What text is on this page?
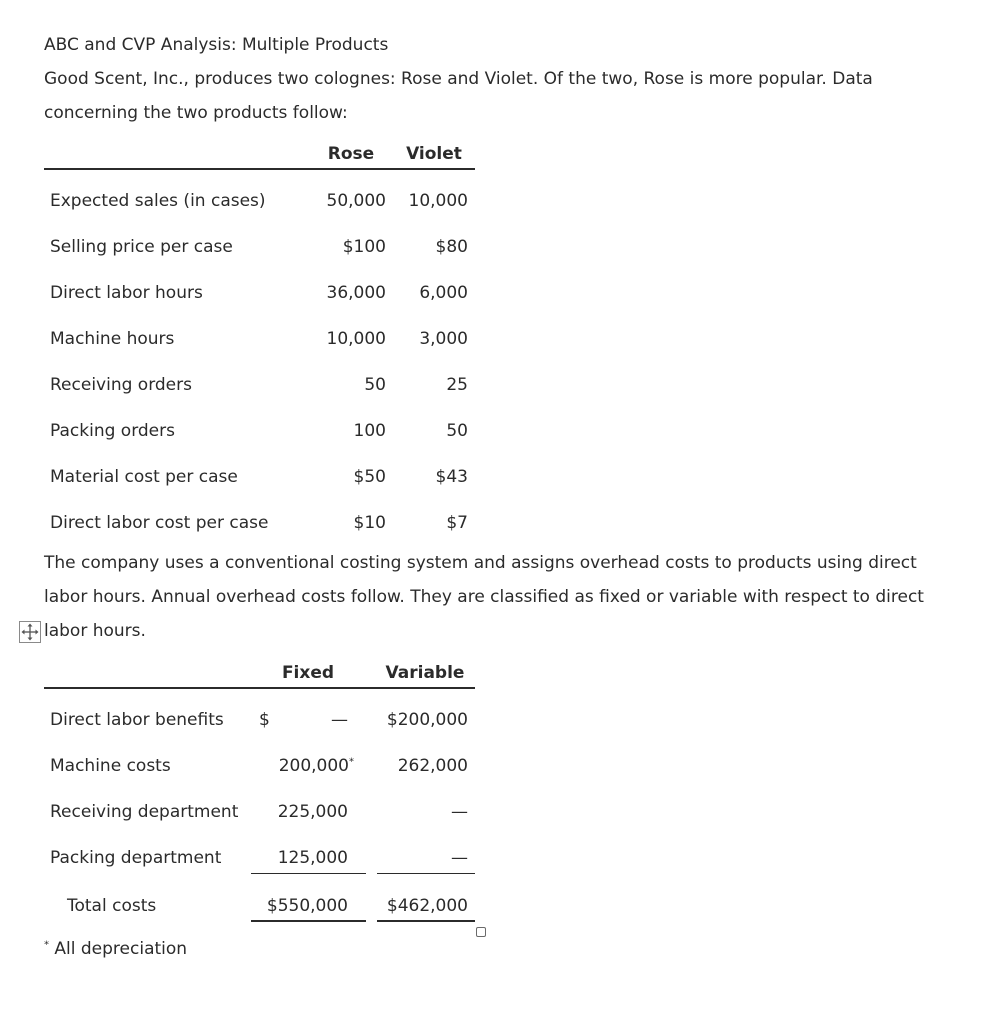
ABC and CVP Analysis: Multiple Products
Good Scent, Inc., produces two colognes: Rose and Violet. Of the two, Rose is more popular. Data concerning the two products follow:
Rose	Violet
Expected sales (in cases)	50,000	10,000
Selling price per case	$100	$80
Direct labor hours	36,000	6,000
Machine hours	10,000	3,000
Receiving orders	50	25
Packing orders	100	50
Material cost per case	$50	$43
Direct labor cost per case	$10	$7
The company uses a conventional costing system and assigns overhead costs to products using direct labor hours. Annual overhead costs follow. They are classified as fixed or variable with respect to direct labor hours.
Fixed	Variable
Direct labor benefits $	—	$200,000
Machine costs	200,000*	262,000
Receiving department	225,000	—
Packing department	125,000	—
Total costs	$550,000	$462,000
* All depreciation
